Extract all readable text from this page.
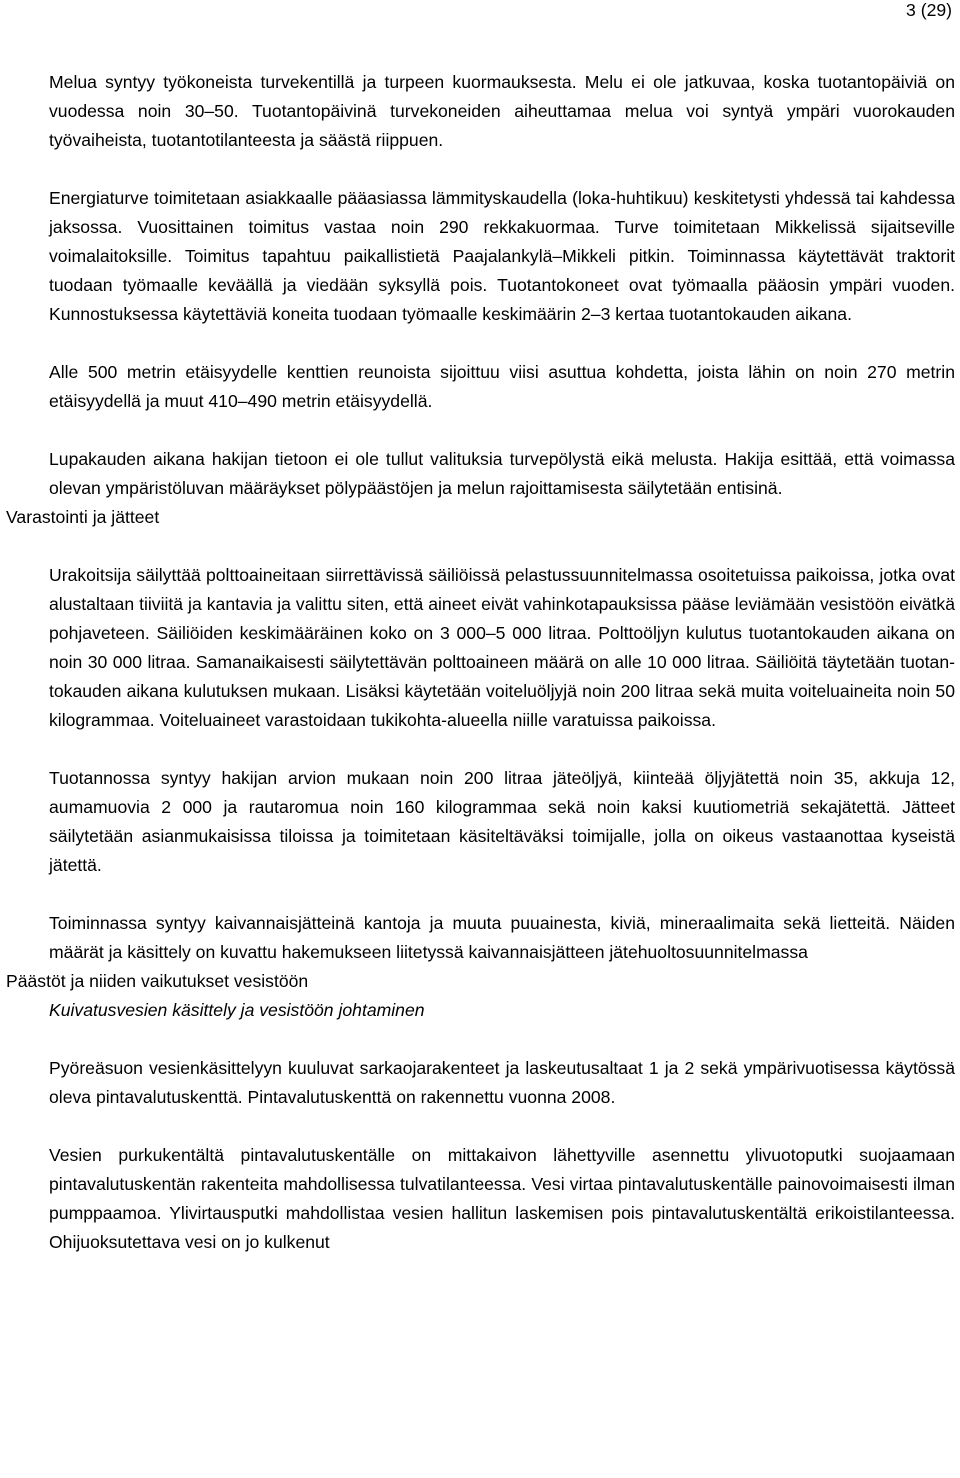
3 (29)

Melua syntyy työkoneista turvekentillä ja turpeen kuormauksesta. Melu ei ole jatkuvaa, koska tuotantopäiviä on vuodessa noin 30–50. Tuotantopäivinä turvekoneiden aiheuttamaa melua voi syntyä ympäri vuorokauden työvaiheista, tuotantotilanteesta ja säästä riippuen.

Energiaturve toimitetaan asiakkaalle pääasiassa lämmityskaudella (loka-huhtikuu) keskitetysti yhdessä tai kahdessa jaksossa. Vuosittainen toimitus vastaa noin 290 rekkakuormaa. Turve toimitetaan Mikkelissä sijaitseville voimalaitoksille. Toimitus tapahtuu paikallistietä Paajalankylä–Mikkeli pitkin. Toiminnassa käytettävät traktorit tuodaan työmaalle keväällä ja viedään syksyllä pois. Tuotantokoneet ovat työmaalla pääosin ympäri vuoden. Kunnostuksessa käytettäviä koneita tuodaan työmaalle keskimäärin 2–3 kertaa tuotantokauden aikana.

Alle 500 metrin etäisyydelle kenttien reunoista sijoittuu viisi asuttua kohdetta, joista lähin on noin 270 metrin etäisyydellä ja muut 410–490 metrin etäisyydellä.

Lupakauden aikana hakijan tietoon ei ole tullut valituksia turvepölystä eikä melusta. Hakija esittää, että voimassa olevan ympäristöluvan määräykset pölypäästöjen ja melun rajoittamisesta säilytetään entisinä.

Varastointi ja jätteet

Urakoitsija säilyttää polttoaineitaan siirrettävissä säiliöissä pelastussuunnitelmassa osoitetuissa paikoissa, jotka ovat alustaltaan tiiviitä ja kantavia ja valittu siten, että aineet eivät vahinkotapauksissa pääse leviämään vesistöön eivätkä pohjaveteen. Säiliöiden keskimääräinen koko on 3 000–5 000 litraa. Polttoöljyn kulutus tuotantokauden aikana on noin 30 000 litraa. Samanaikaisesti säilytettävän polttoaineen määrä on alle 10 000 litraa. Säiliöitä täytetään tuotantokauden aikana kulutuksen mukaan. Lisäksi käytetään voiteluöljyjä noin 200 litraa sekä muita voiteluaineita noin 50 kilogrammaa. Voiteluaineet varastoidaan tukikohta-alueella niille varatuissa paikoissa.

Tuotannossa syntyy hakijan arvion mukaan noin 200 litraa jäteöljyä, kiinteää öljyjätettä noin 35, akkuja 12, aumamuovia 2 000 ja rautaromua noin 160 kilogrammaa sekä noin kaksi kuutiometriä sekajätettä. Jätteet säilytetään asianmukaisissa tiloissa ja toimitetaan käsiteltäväksi toimijalle, jolla on oikeus vastaanottaa kyseistä jätettä.

Toiminnassa syntyy kaivannaisjätteinä kantoja ja muuta puuainesta, kiviä, mineraalimaita sekä lietteitä. Näiden määrät ja käsittely on kuvattu hakemukseen liitetyssä kaivannaisjätteen jätehuoltosuunnitelmassa

Päästöt ja niiden vaikutukset vesistöön
Kuivatusvesien käsittely ja vesistöön johtaminen

Pyöreäsuon vesienkäsittelyyn kuuluvat sarkaojarakenteet ja laskeutusaltaat 1 ja 2 sekä ympärivuotisessa käytössä oleva pintavalutuskenttä. Pintavalutuskenttä on rakennettu vuonna 2008.

Vesien purkukentältä pintavalutuskentälle on mittakaivon lähettyville asennettu ylivuotoputki suojaamaan pintavalutuskentän rakenteita mahdollisessa tulvatilanteessa. Vesi virtaa pintavalutuskentälle painovoimaisesti ilman pumppaamoa. Ylivirtausputki mahdollistaa vesien hallitun laskemisen pois pintavalutuskentältä erikoistilanteessa. Ohijuoksutettava vesi on jo kulkenut
